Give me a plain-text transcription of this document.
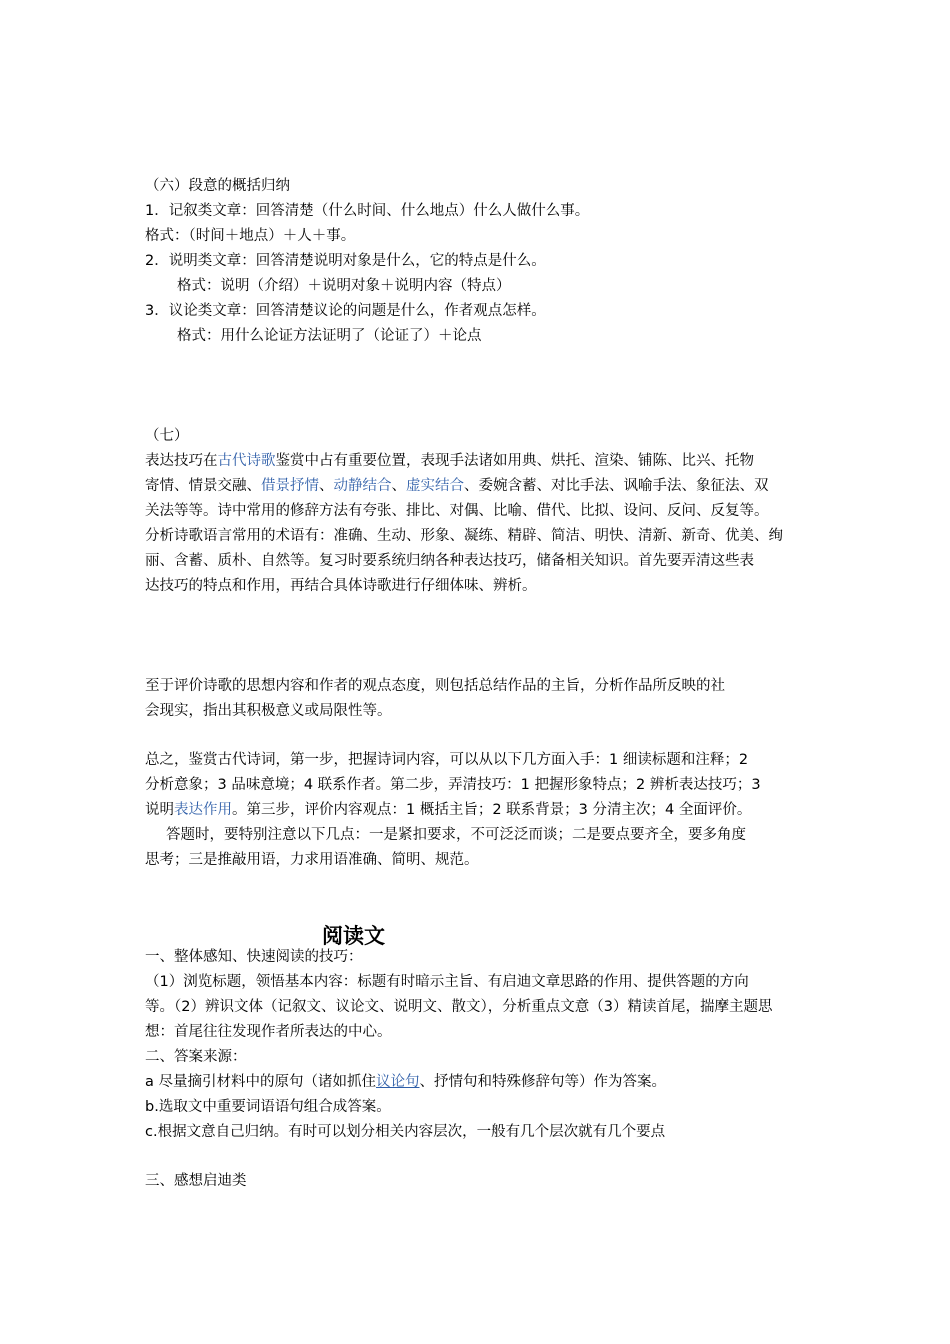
（六）段意的概括归纳
1．记叙类文章：回答清楚（什么时间、什么地点）什么人做什么事。
格式：（时间＋地点）＋人＋事。
2．说明类文章：回答清楚说明对象是什么，它的特点是什么。
格式：说明（介绍）＋说明对象＋说明内容（特点）
3．议论类文章：回答清楚议论的问题是什么，作者观点怎样。
格式：用什么论证方法证明了（论证了）＋论点
（七）
表达技巧在古代诗歌鉴赏中占有重要位置，表现手法诸如用典、烘托、渲染、铺陈、比兴、托物
寄情、情景交融、借景抒情、动静结合、虚实结合、委婉含蓄、对比手法、讽喻手法、象征法、双
关法等等。诗中常用的修辞方法有夸张、排比、对偶、比喻、借代、比拟、设问、反问、反复等。
分析诗歌语言常用的术语有：准确、生动、形象、凝练、精辟、简洁、明快、清新、新奇、优美、绚
丽、含蓄、质朴、自然等。复习时要系统归纳各种表达技巧，储备相关知识。首先要弄清这些表
达技巧的特点和作用，再结合具体诗歌进行仔细体味、辨析。
至于评价诗歌的思想内容和作者的观点态度，则包括总结作品的主旨，分析作品所反映的社
会现实，指出其积极意义或局限性等。
总之，鉴赏古代诗词，第一步，把握诗词内容，可以从以下几方面入手：1 细读标题和注释；2
分析意象；3 品味意境；4 联系作者。第二步，弄清技巧：1 把握形象特点；2 辨析表达技巧；3
说明表达作用。第三步，评价内容观点：1 概括主旨；2 联系背景；3 分清主次；4 全面评价。
答题时，要特别注意以下几点：一是紧扣要求，不可泛泛而谈；二是要点要齐全，要多角度
思考；三是推敲用语，力求用语准确、简明、规范。
阅读文
一、整体感知、快速阅读的技巧：
（1）浏览标题，领悟基本内容：标题有时暗示主旨、有启迪文章思路的作用、提供答题的方向
等。（2）辨识文体（记叙文、议论文、说明文、散文），分析重点文意（3）精读首尾，揣摩主题思
想：首尾往往发现作者所表达的中心。
二、答案来源：
a 尽量摘引材料中的原句（诸如抓住议论句、抒情句和特殊修辞句等）作为答案。
b.选取文中重要词语语句组合成答案。
c.根据文意自己归纳。有时可以划分相关内容层次，一般有几个层次就有几个要点
三、感想启迪类
